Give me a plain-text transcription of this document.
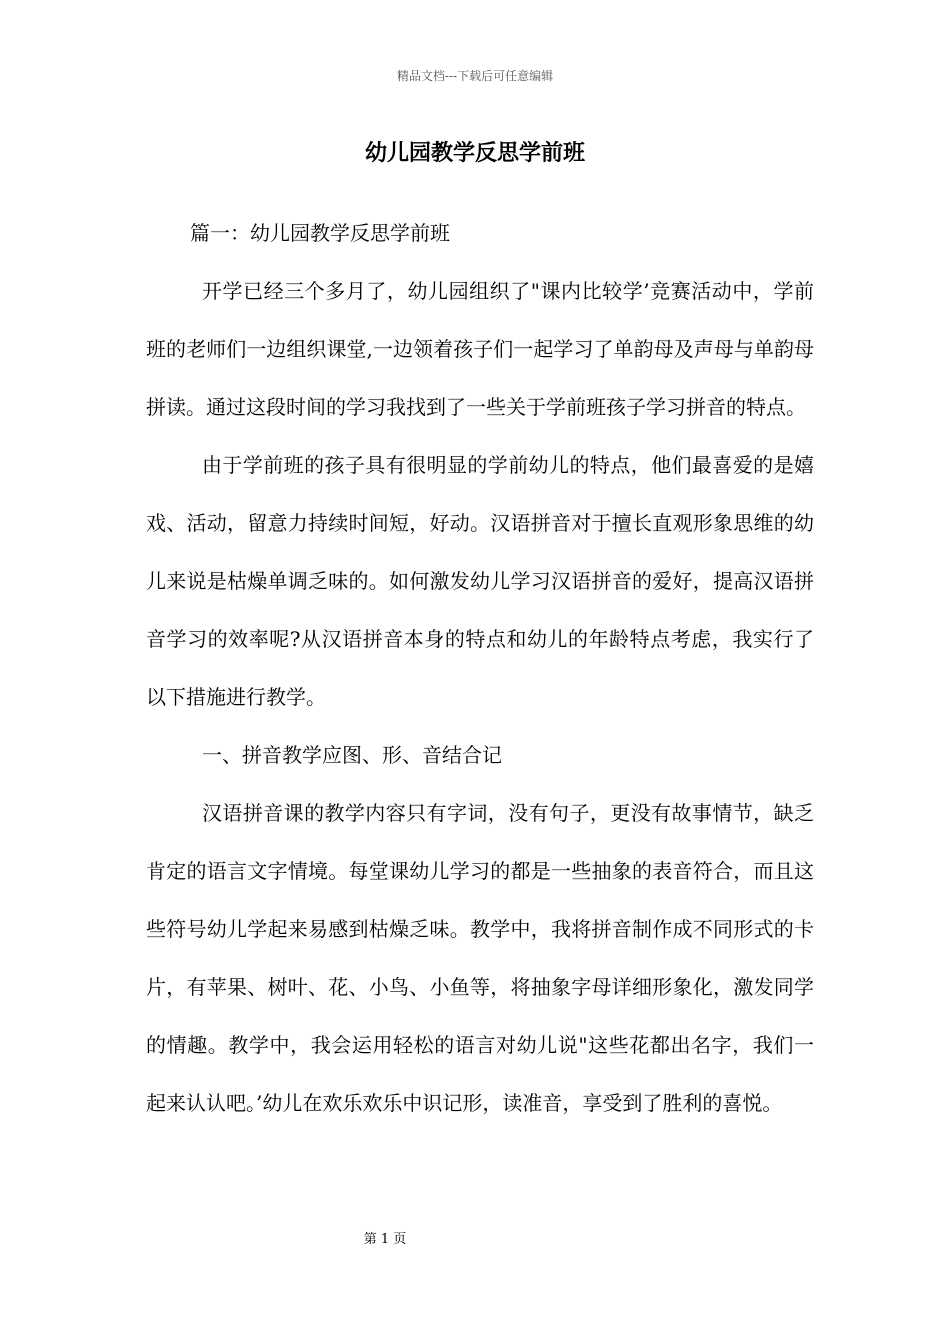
精品文档---下载后可任意编辑
幼儿园教学反思学前班

篇一：幼儿园教学反思学前班

开学已经三个多月了，幼儿园组织了"课内比较学’竞赛活动中，学前班的老师们一边组织课堂,一边领着孩子们一起学习了单韵母及声母与单韵母拼读。通过这段时间的学习我找到了一些关于学前班孩子学习拼音的特点。

由于学前班的孩子具有很明显的学前幼儿的特点，他们最喜爱的是嬉戏、活动，留意力持续时间短，好动。汉语拼音对于擅长直观形象思维的幼儿来说是枯燥单调乏味的。如何激发幼儿学习汉语拼音的爱好，提高汉语拼音学习的效率呢?从汉语拼音本身的特点和幼儿的年龄特点考虑，我实行了以下措施进行教学。

一、拼音教学应图、形、音结合记

汉语拼音课的教学内容只有字词，没有句子，更没有故事情节，缺乏肯定的语言文字情境。每堂课幼儿学习的都是一些抽象的表音符合，而且这些符号幼儿学起来易感到枯燥乏味。教学中，我将拼音制作成不同形式的卡片，有苹果、树叶、花、小鸟、小鱼等，将抽象字母详细形象化，激发同学的情趣。教学中，我会运用轻松的语言对幼儿说"这些花都出名字，我们一起来认认吧。’幼儿在欢乐欢乐中识记形，读准音，享受到了胜利的喜悦。

第 1 页
